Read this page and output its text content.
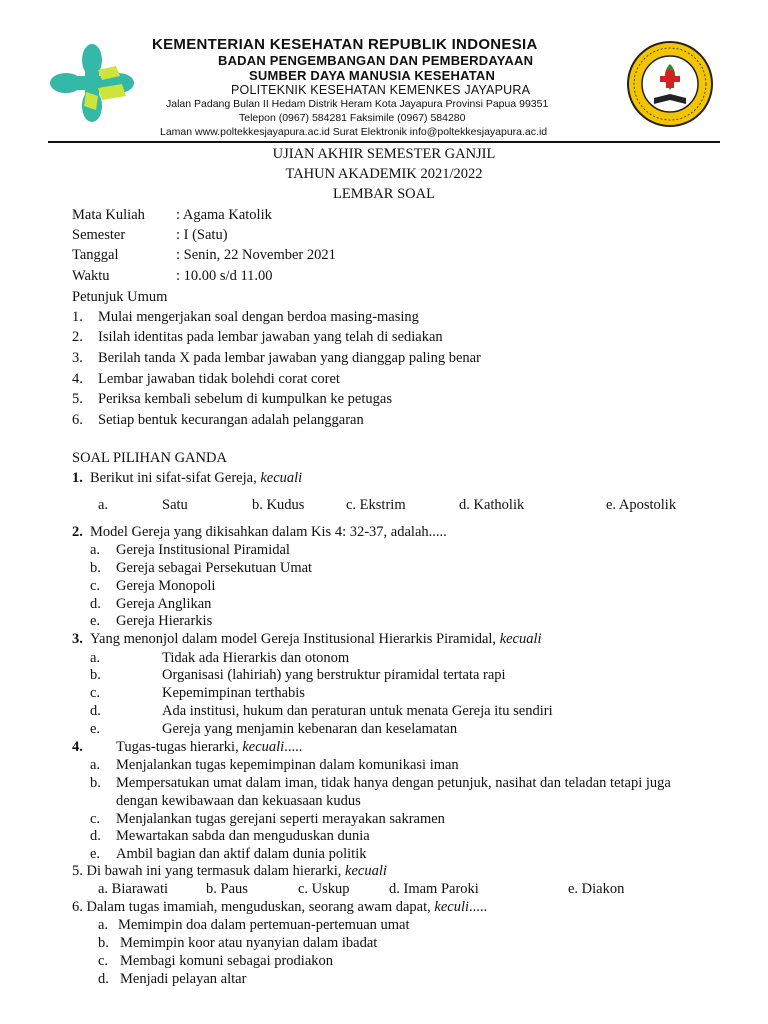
KEMENTERIAN KESEHATAN REPUBLIK INDONESIA
BADAN PENGEMBANGAN DAN PEMBERDAYAAN
SUMBER DAYA MANUSIA KESEHATAN
POLITEKNIK KESEHATAN KEMENKES JAYAPURA
Jalan Padang Bulan II Hedam Distrik Heram Kota Jayapura Provinsi Papua 99351
Telepon (0967) 584281 Faksimile (0967) 584280
Laman www.poltekkesjayapura.ac.id Surat Elektronik info@poltekkesjayapura.ac.id
UJIAN AKHIR SEMESTER GANJIL
TAHUN AKADEMIK 2021/2022
LEMBAR SOAL
Mata Kuliah : Agama Katolik
Semester	: I (Satu)
Tanggal	: Senin, 22 November 2021
Waktu	: 10.00 s/d 11.00
Petunjuk Umum
1. Mulai mengerjakan soal dengan berdoa masing-masing
2. Isilah identitas pada lembar jawaban yang telah di sediakan
3. Berilah tanda X pada lembar jawaban yang dianggap paling benar
4. Lembar jawaban tidak bolehdi corat coret
5. Periksa kembali sebelum di kumpulkan ke petugas
6. Setiap bentuk kecurangan adalah pelanggaran
SOAL PILIHAN GANDA
1. Berikut ini sifat-sifat Gereja, kecuali
a.	Satu	b. Kudus	c. Ekstrim	d. Katholik	e. Apostolik
2. Model Gereja yang dikisahkan dalam Kis 4: 32-37, adalah.....
a. Gereja Institusional Piramidal
b. Gereja sebagai Persekutuan Umat
c. Gereja Monopoli
d. Gereja Anglikan
e. Gereja Hierarkis
3. Yang menonjol dalam model Gereja Institusional Hierarkis Piramidal, kecuali
a.	Tidak ada Hierarkis dan otonom
b.	Organisasi (lahiriah) yang berstruktur piramidal tertata rapi
c.	Kepemimpinan terthabis
d.	Ada institusi, hukum dan peraturan untuk menata Gereja itu sendiri
e.	Gereja yang menjamin kebenaran dan keselamatan
4. Tugas-tugas hierarki, kecuali.....
a. Menjalankan tugas kepemimpinan dalam komunikasi iman
b. Mempersatukan umat dalam iman, tidak hanya dengan petunjuk, nasihat dan teladan tetapi juga
dengan kewibawaan dan kekuasaan kudus
c. Menjalankan tugas gerejani seperti merayakan sakramen
d. Mewartakan sabda dan menguduskan dunia
e. Ambil bagian dan aktif dalam dunia politik
5. Di bawah ini yang termasuk dalam hierarki, kecuali
a. Biarawati	b. Paus	c. Uskup	d. Imam Paroki	e. Diakon
6. Dalam tugas imamiah, menguduskan, seorang awam dapat, keculi.....
a. Memimpin doa dalam pertemuan-pertemuan umat
b. Memimpin koor atau nyanyian dalam ibadat
c. Membagi komuni sebagai prodiakon
d. Menjadi pelayan altar
